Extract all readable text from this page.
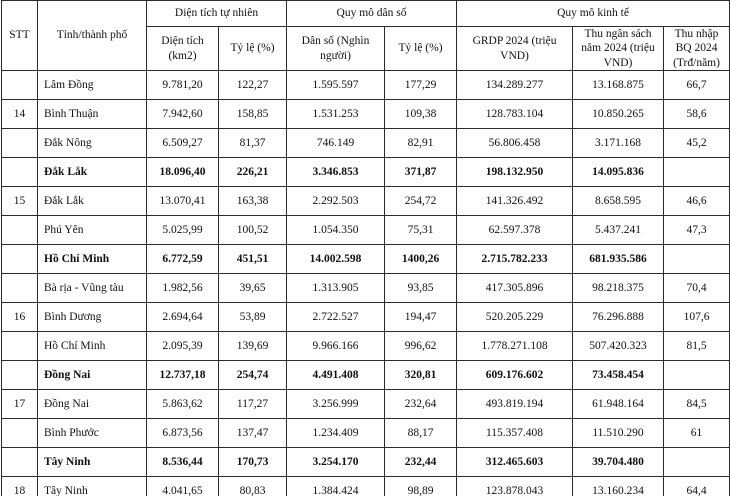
STT	Tỉnh/thành phố	Diện tích tự nhiên		Quy mô dân số		Quy mô kinh tế		
		Diện tích (km2)	Tỷ lệ (%)	Dân số (Nghìn người)	Tỷ lệ (%)	GRDP 2024 (triệu VND)	Thu ngân sách năm 2024 (triệu VND)	Thu nhập BQ 2024 (Trđ/năm)
	Lâm Đồng	9.781,20	122,27	1.595.597	177,29	134.289.277	13.168.875	66,7
14	Bình Thuận	7.942,60	158,85	1.531.253	109,38	128.783.104	10.850.265	58,6
	Đắk Nông	6.509,27	81,37	746.149	82,91	56.806.458	3.171.168	45,2
	Đắk Lắk	18.096,40	226,21	3.346.853	371,87	198.132.950	14.095.836	
15	Đắk Lắk	13.070,41	163,38	2.292.503	254,72	141.326.492	8.658.595	46,6
	Phú Yên	5.025,99	100,52	1.054.350	75,31	62.597.378	5.437.241	47,3
	Hồ Chí Minh	6.772,59	451,51	14.002.598	1400,26	2.715.782.233	681.935.586	
	Bà rịa - Vũng tàu	1.982,56	39,65	1.313.905	93,85	417.305.896	98.218.375	70,4
16	Bình Dương	2.694,64	53,89	2.722.527	194,47	520.205.229	76.296.888	107,6
	Hồ Chí Minh	2.095,39	139,69	9.966.166	996,62	1.778.271.108	507.420.323	81,5
	Đồng Nai	12.737,18	254,74	4.491.408	320,81	609.176.602	73.458.454	
17	Đồng Nai	5.863,62	117,27	3.256.999	232,64	493.819.194	61.948.164	84,5
	Bình Phước	6.873,56	137,47	1.234.409	88,17	115.357.408	11.510.290	61
	Tây Ninh	8.536,44	170,73	3.254.170	232,44	312.465.603	39.704.480	
18	Tây Ninh	4.041,65	80,83	1.384.424	98,89	123.878.043	13.160.234	64,4
